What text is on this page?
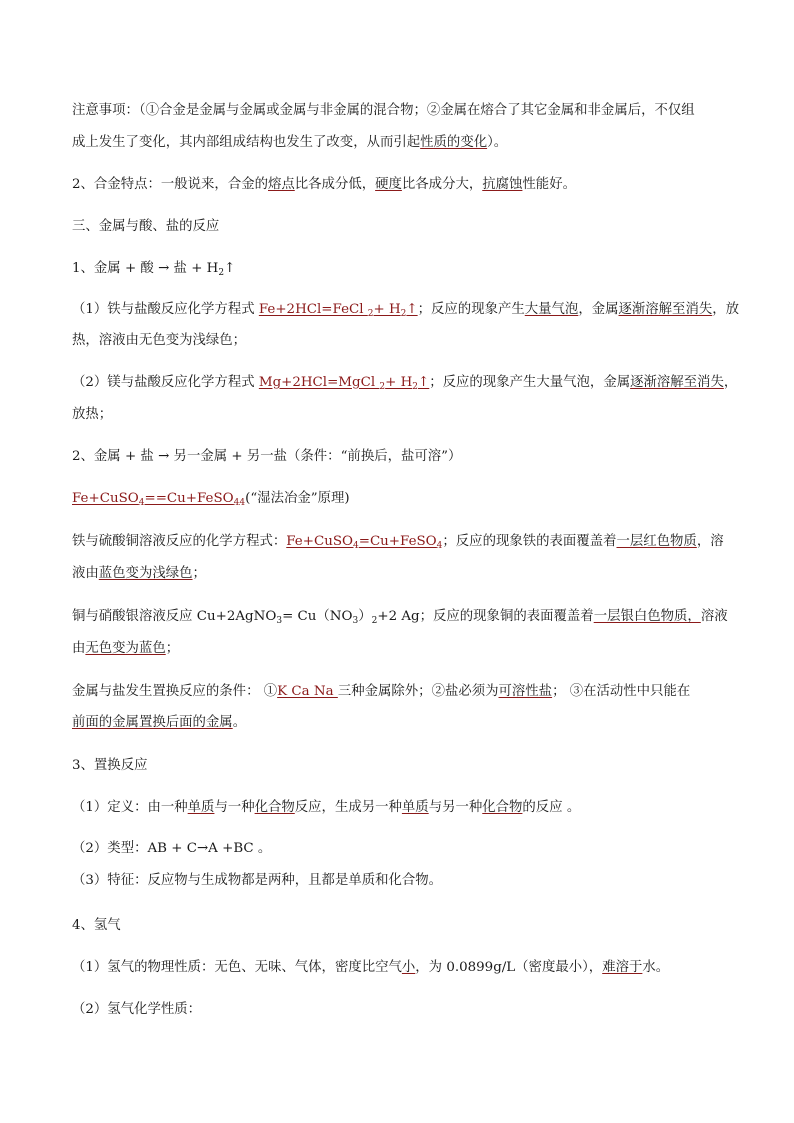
注意事项：（①合金是金属与金属或金属与非金属的混合物；②金属在熔合了其它金属和非金属后，不仅组
成上发生了变化，其内部组成结构也发生了改变，从而引起性质的变化）。
2、合金特点：一般说来，合金的熔点比各成分低，硬度比各成分大，抗腐蚀性能好。
三、金属与酸、盐的反应
1、金属 + 酸 → 盐 + $H_2↑$
（1）铁与盐酸反应化学方程式 Fe+2HCl=FeCl $_2+ H_2↑$；反应的现象产生大量气泡，金属逐渐溶解至消失，放
热，溶液由无色变为浅绿色；
（2）镁与盐酸反应化学方程式 Mg+2HCl=MgCl $_2+ H_2↑$；反应的现象产生大量气泡，金属逐渐溶解至消失，
放热；
2、金属 + 盐 → 另一金属 + 另一盐（条件：“前换后，盐可溶”）
Fe+CuSO$_4$==Cu+FeSO$_{44}$(“湿法冶金”原理)
铁与硫酸铜溶液反应的化学方程式：Fe+CuSO$_4$=Cu+FeSO$_4$；反应的现象铁的表面覆盖着一层红色物质，溶
液由蓝色变为浅绿色；
铜与硝酸银溶液反应 Cu+2AgNO$_3$= $Cu(NO_3)_2+2$ Ag；反应的现象铜的表面覆盖着一层银白色物质，溶液
由无色变为蓝色；
金属与盐发生置换反应的条件： ①K Ca Na 三种金属除外；②盐必须为可溶性盐； ③在活动性中只能在
前面的金属置换后面的金属。
3、置换反应
（1）定义：由一种单质与一种化合物反应，生成另一种单质与另一种化合物的反应 。
（2）类型：AB + C→A +BC 。
（3）特征：反应物与生成物都是两种，且都是单质和化合物。
4、氢气
（1）氢气的物理性质：无色、无味、气体，密度比空气小，为 0.0899g/L（密度最小），难溶于水。
（2）氢气化学性质：
